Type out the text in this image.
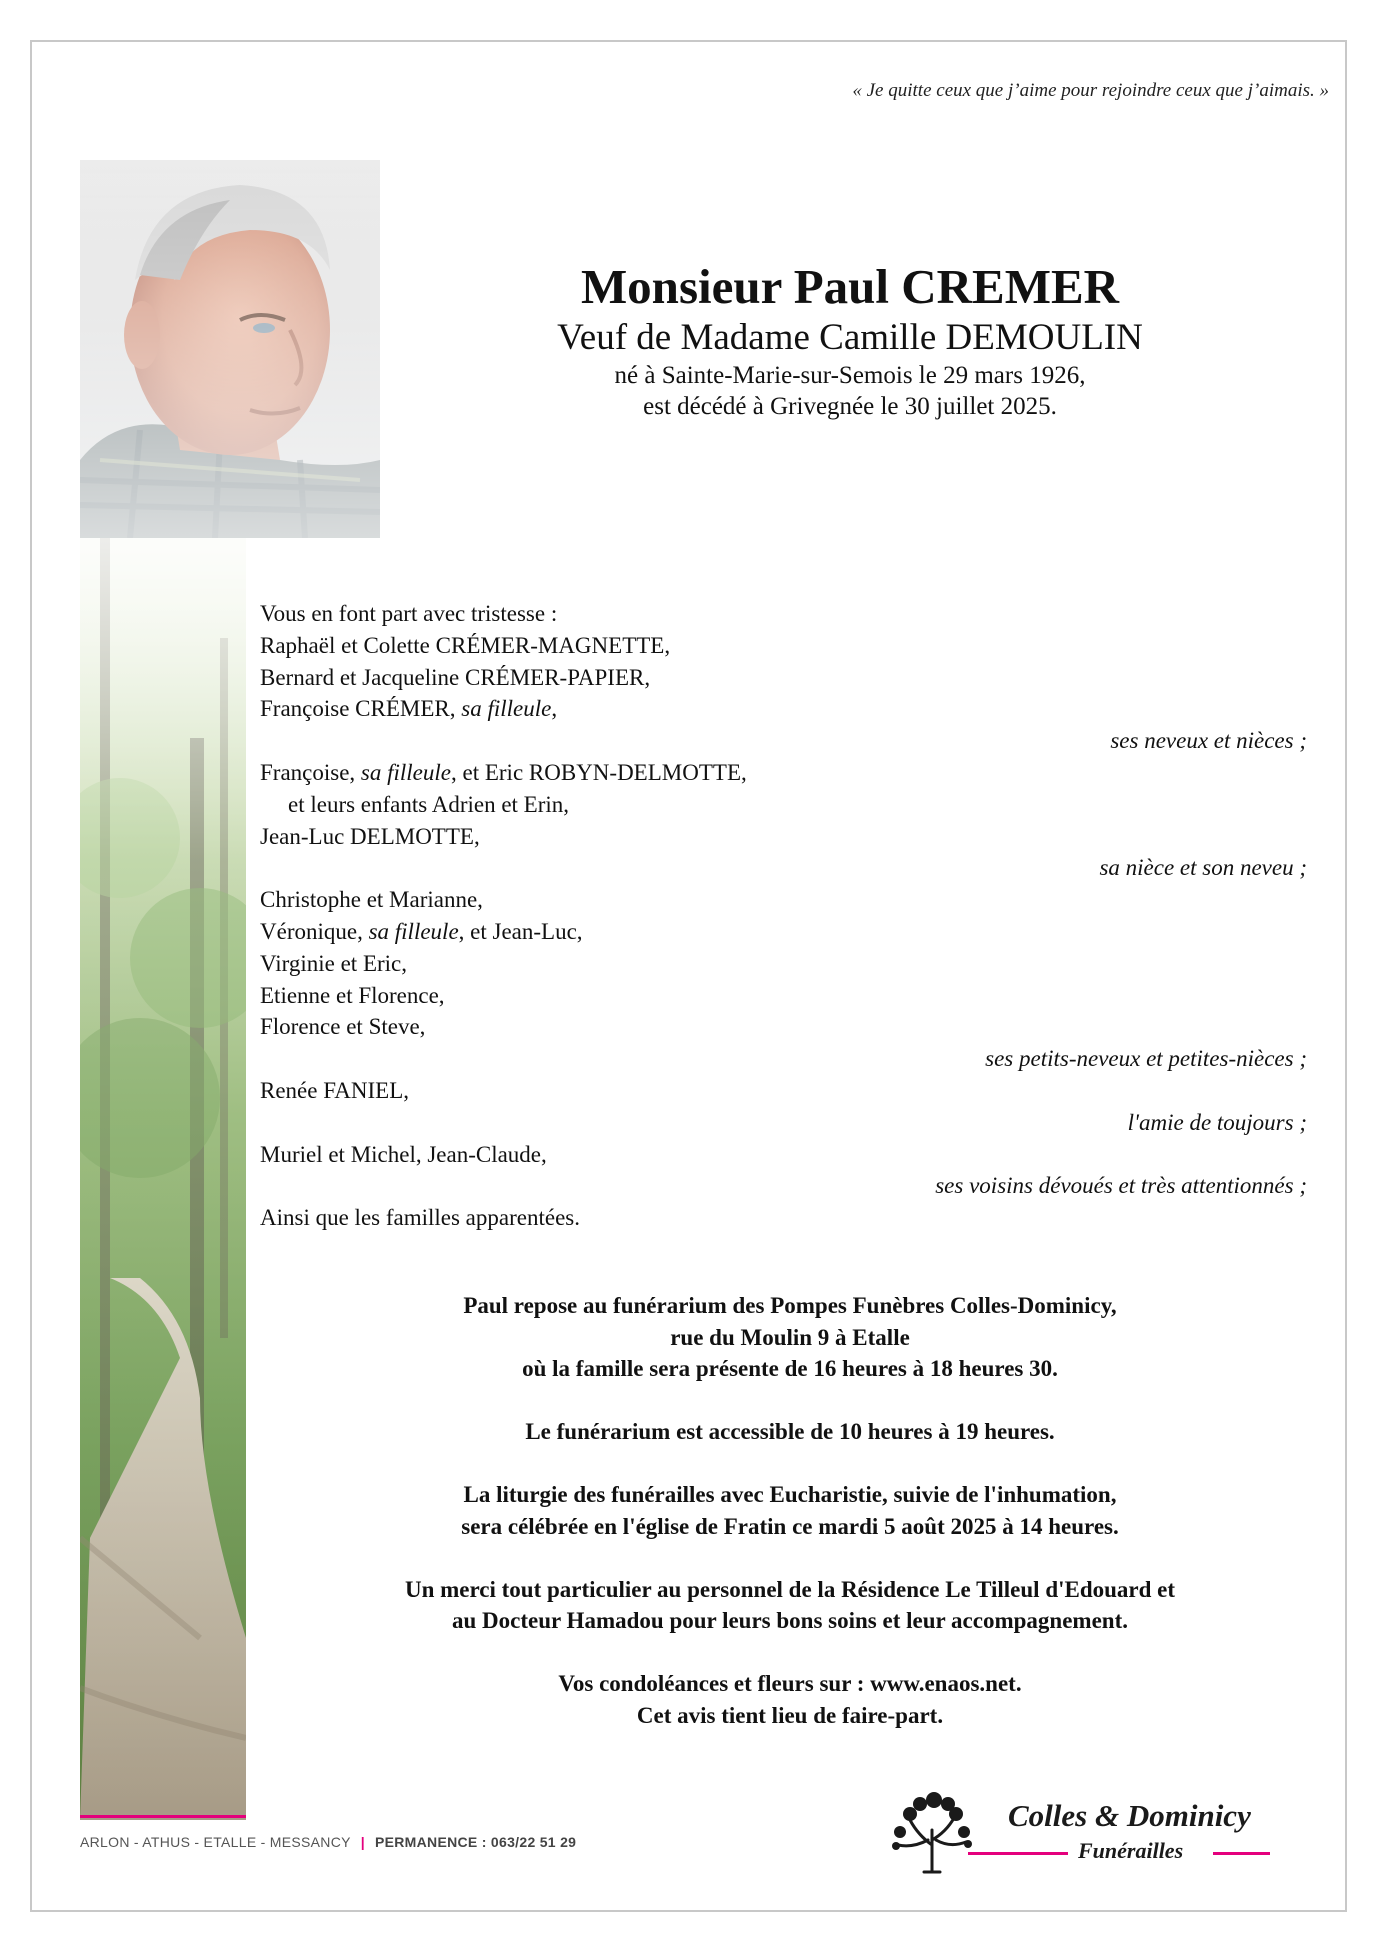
« Je quitte ceux que j’aime pour rejoindre ceux que j’aimais. »
Monsieur Paul CREMER
Veuf de Madame Camille DEMOULIN
né à Sainte-Marie-sur-Semois le 29 mars 1926,
est décédé à Grivegnée le 30 juillet 2025.
Vous en font part avec tristesse :
Raphaël et Colette CRÉMER-MAGNETTE,
Bernard et Jacqueline CRÉMER-PAPIER,
Françoise CRÉMER, sa filleule,
ses neveux et nièces ;
Françoise, sa filleule, et Eric ROBYN-DELMOTTE,
et leurs enfants Adrien et Erin,
Jean-Luc DELMOTTE,
sa nièce et son neveu ;
Christophe et Marianne,
Véronique, sa filleule, et Jean-Luc,
Virginie et Eric,
Etienne et Florence,
Florence et Steve,
ses petits-neveux et petites-nièces ;
Renée FANIEL,
l'amie de toujours ;
Muriel et Michel, Jean-Claude,
ses voisins dévoués et très attentionnés ;
Ainsi que les familles apparentées.

Paul repose au funérarium des Pompes Funèbres Colles-Dominicy,
rue du Moulin 9 à Etalle
où la famille sera présente de 16 heures à 18 heures 30.

Le funérarium est accessible de 10 heures à 19 heures.

La liturgie des funérailles avec Eucharistie, suivie de l'inhumation,
sera célébrée en l'église de Fratin ce mardi 5 août 2025 à 14 heures.

Un merci tout particulier au personnel de la Résidence Le Tilleul d'Edouard et
au Docteur Hamadou pour leurs bons soins et leur accompagnement.

Vos condoléances et fleurs sur : www.enaos.net.
Cet avis tient lieu de faire-part.

ARLON - ATHUS - ETALLE - MESSANCY | PERMANENCE : 063/22 51 29
Colles & Dominicy
Funérailles
